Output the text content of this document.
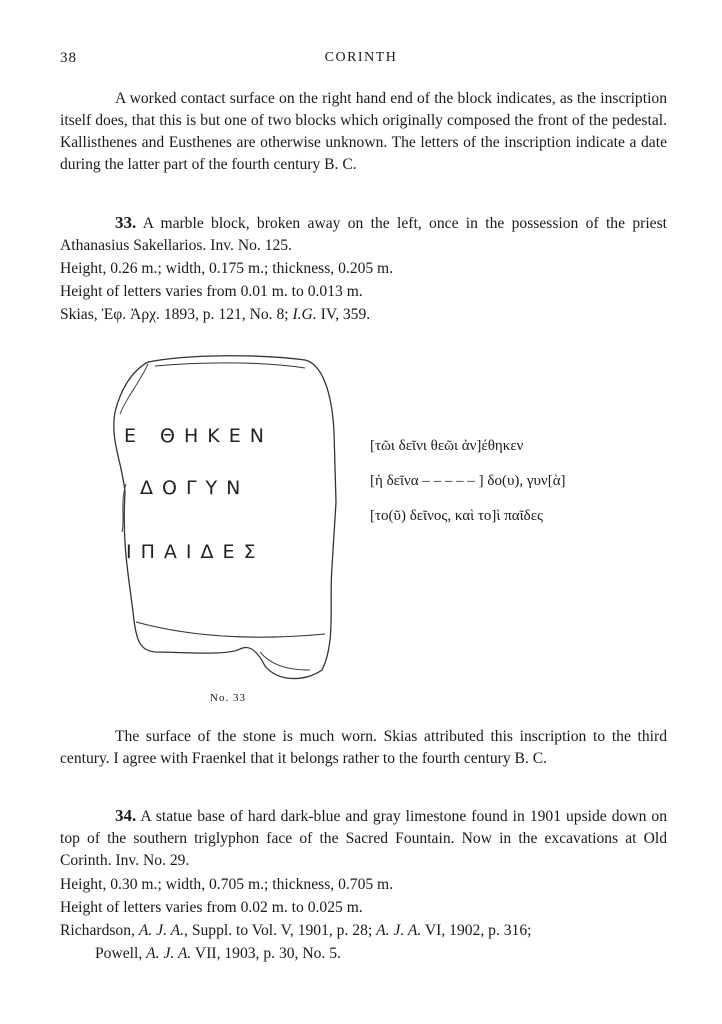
38	CORINTH

A worked contact surface on the right hand end of the block indicates, as the inscription itself does, that this is but one of two blocks which originally composed the front of the pedestal. Kallisthenes and Eusthenes are otherwise unknown. The letters of the inscription indicate a date during the latter part of the fourth century B. C.

33. A marble block, broken away on the left, once in the possession of the priest Athanasius Sakellarios. Inv. No. 125.

Height, 0.26 m.; width, 0.175 m.; thickness, 0.205 m.

Height of letters varies from 0.01 m. to 0.013 m.

Skias, Ἐφ. Ἀρχ. 1893, p. 121, No. 8; I.G. IV, 359.

Ε ΘΗΚΕΝ
ΔΟΓΥΝ
ΙΠΑΙΔΕΣ
No. 33
[τῶι δεῖνι θεῶι ἀν]έθηκεν
[ἡ δεῖνα – – – – – ] δο(υ), γυν[ὰ]
[το(ῦ) δεῖνος, καὶ το]ὶ παῖδες

The surface of the stone is much worn. Skias attributed this inscription to the third century. I agree with Fraenkel that it belongs rather to the fourth century B. C.

34. A statue base of hard dark-blue and gray limestone found in 1901 upside down on top of the southern triglyphon face of the Sacred Fountain. Now in the excavations at Old Corinth. Inv. No. 29.

Height, 0.30 m.; width, 0.705 m.; thickness, 0.705 m.

Height of letters varies from 0.02 m. to 0.025 m.

Richardson, A. J. A., Suppl. to Vol. V, 1901, p. 28; A. J. A. VI, 1902, p. 316;

Powell, A. J. A. VII, 1903, p. 30, No. 5.
